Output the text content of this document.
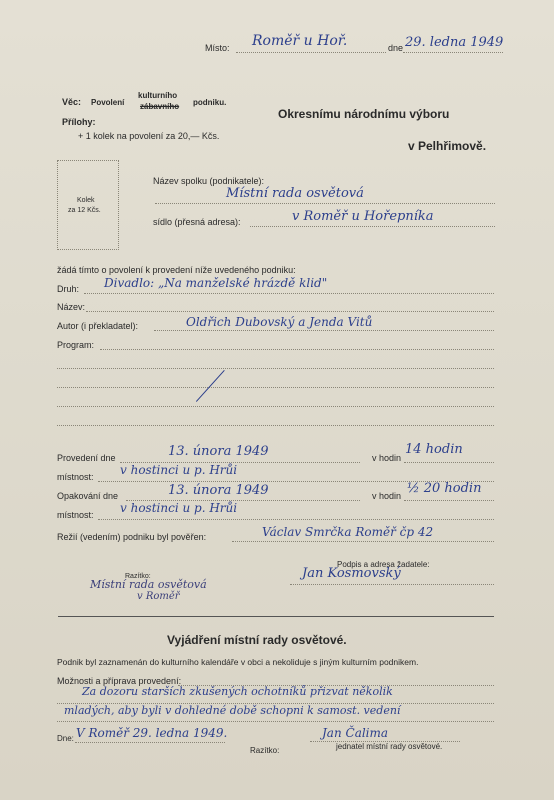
Místo: Roměř u Hoř.	dne 29. ledna 1949
Věc: Povolení
kulturního
zábavního podniku.
Přílohy:
+ 1 kolek na povolení za 20,— Kčs.
Okresnímu národnímu výboru
v Pelhřimově.
Kolek
za 12 Kčs.
Název spolku (podnikatele):
Místní rada osvětová
sídlo (přesná adresa):	v Roměř u Hořepníka
žádá tímto o povolení k provedení níže uvedeného podniku:
Druh: Divadlo: „Na manželské hrázdě klid"
Název:
Autor (i překladatel):	Oldřich Dubovský a Jenda Vitů
Program:
Provedení dne	13. února 1949	v hodin
14 hodin
místnost: v hostinci u p. Hrůi
Opakování dne	13. února 1949	v hodin ½ 20 hodin
místnost: v hostinci u p. Hrůi
Režií (vedením) podniku byl pověřen:	Václav Smrčka Roměř čp 42
Podpis a adresa žadatele:
Jan Kosmovský
Razítko:
Místní rada osvětová
v Roměř
Vyjádření místní rady osvětové.
Podnik byl zaznamenán do kulturního kalendáře v obci a nekoliduje s jiným kulturním podnikem.
Možnosti a příprava provedení:
Za dozoru starších zkušených ochotníků přizvat několik
mladých, aby byli v dohledné době schopni k samost. vedení
Dne: V Roměř 29. ledna 1949.
Razítko:
Jan Čalima
jednatel místní rady osvětové.
